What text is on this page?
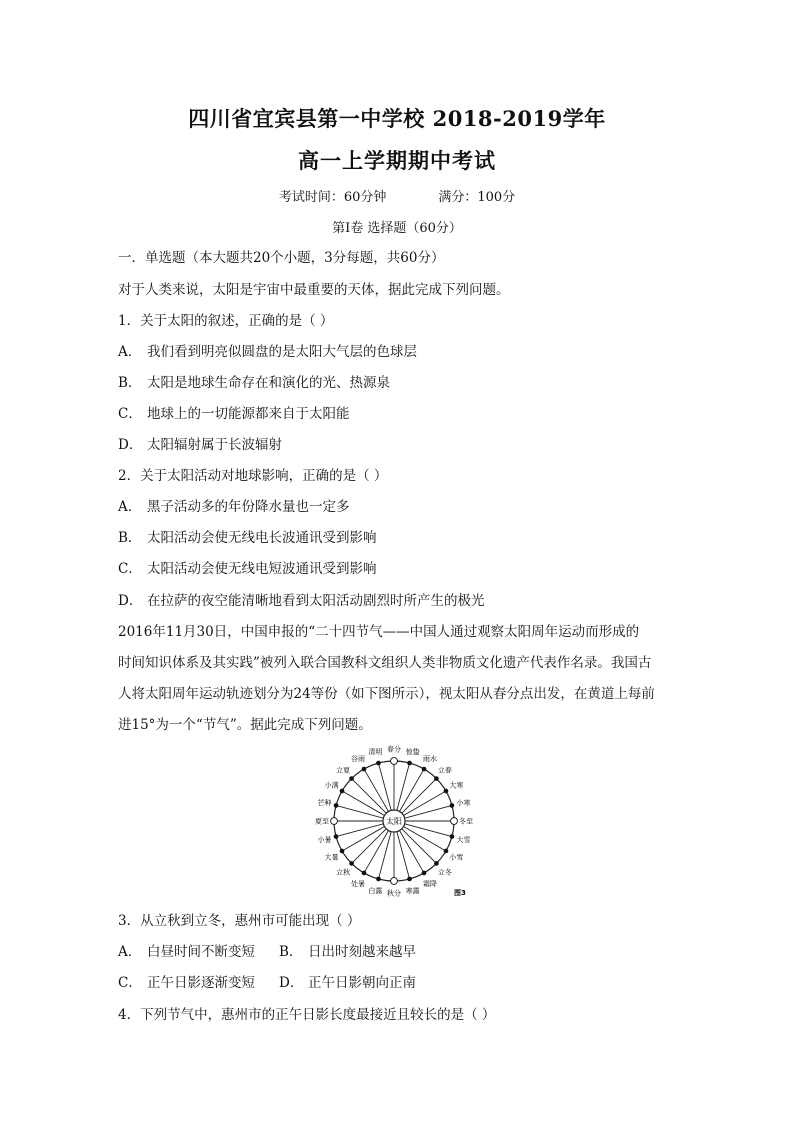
四川省宜宾县第一中学校 2018-2019学年
高一上学期期中考试
考试时间：60分钟	满分：100分
第Ⅰ卷 选择题（60分）
一．单选题（本大题共20个小题，3分每题，共60分）
对于人类来说，太阳是宇宙中最重要的天体，据此完成下列问题。
1．关于太阳的叙述，正确的是（ ）
A． 我们看到明亮似圆盘的是太阳大气层的色球层
B． 太阳是地球生命存在和演化的光、热源泉
C． 地球上的一切能源都来自于太阳能
D． 太阳辐射属于长波辐射
2．关于太阳活动对地球影响，正确的是（ ）
A． 黑子活动多的年份降水量也一定多
B． 太阳活动会使无线电长波通讯受到影响
C． 太阳活动会使无线电短波通讯受到影响
D． 在拉萨的夜空能清晰地看到太阳活动剧烈时所产生的极光
2016年11月30日，中国申报的“二十四节气——中国人通过观察太阳周年运动而形成的
时间知识体系及其实践”被列入联合国教科文组织人类非物质文化遗产代表作名录。我国古
人将太阳周年运动轨迹划分为24等份（如下图所示），视太阳从春分点出发，在黄道上每前
进15°为一个“节气”。据此完成下列问题。
春分 惊蛰
雨水
立春
大寒
小寒
冬至
大雪
小雪
立冬
霜降
寒露
秋分
白露
处暑
立秋
大暑
小暑
夏至
芒种
小满
立夏
谷雨
清明
太阳
图3
3．从立秋到立冬，惠州市可能出现（ ）
A． 白昼时间不断变短 B． 日出时刻越来越早
C． 正午日影逐渐变短 D． 正午日影朝向正南
4．下列节气中，惠州市的正午日影长度最接近且较长的是（ ）
